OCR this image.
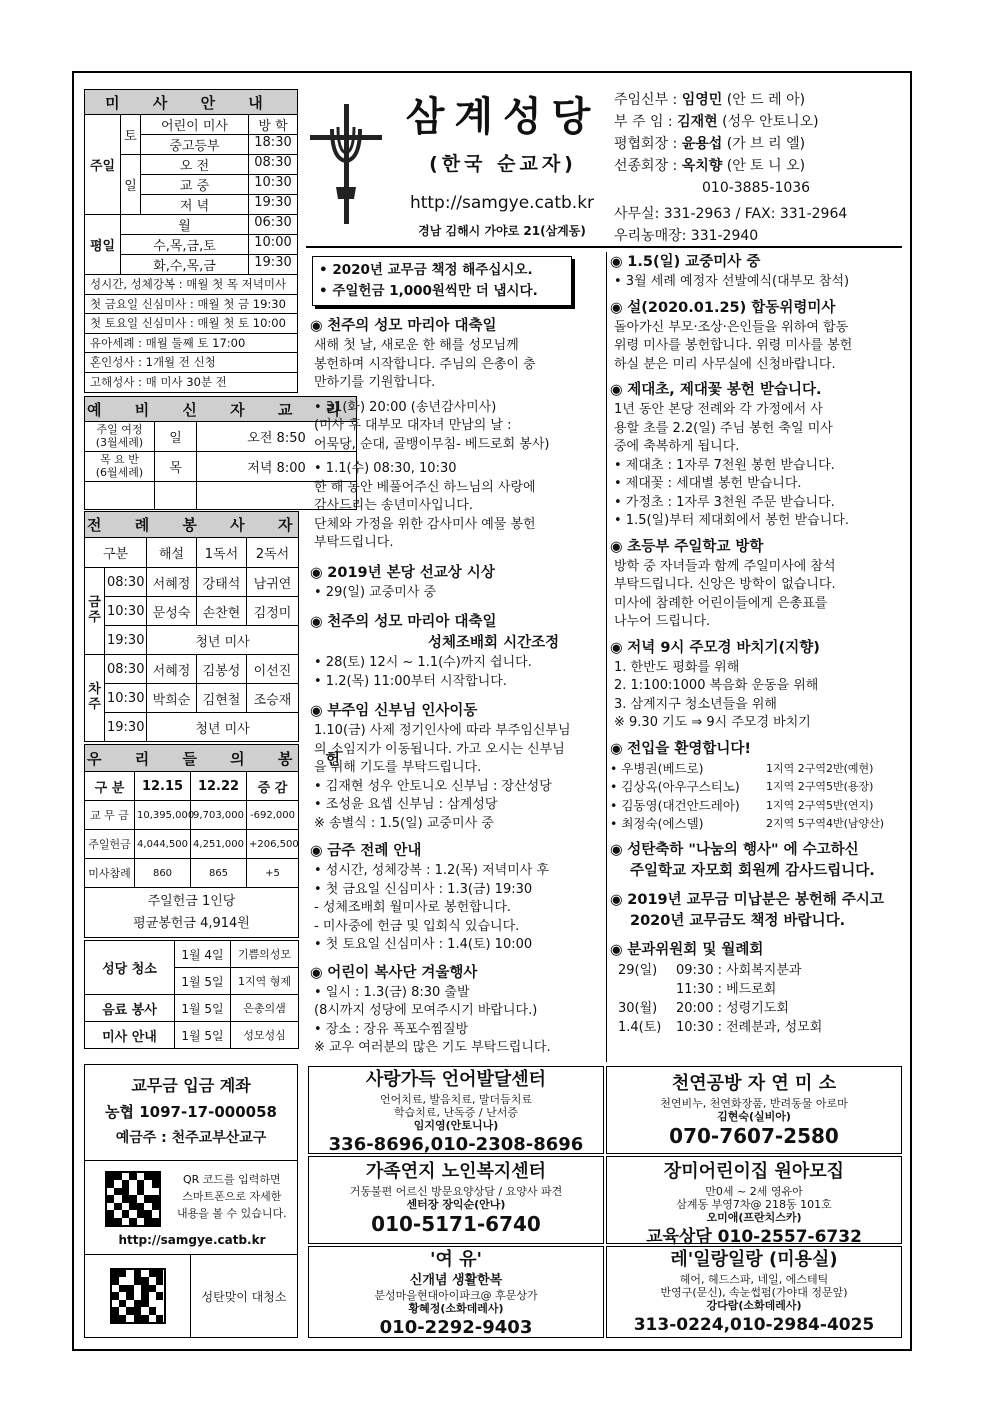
미 사 안 내		
주일	토	어린이 미사 방 학

		중고등부 18:30

	일	오 전 08:30

		교 중 10:30

		저 녁 19:30

평일	월 06:30	

	수,목,금,토 10:00	

	화,수,목,금 19:30	
성시간, 성체강복 : 매월 첫 목 저녁미사
첫 금요일 신심미사 : 매월 첫 금 19:30
첫 토요일 신심미사 : 매월 첫 토 10:00
유아세례 : 매월 둘째 토 17:00
혼인성사 : 1개월 전 신청
고해성사 : 매 미사 30분 전
예 비 신 자 교 리		

주일 여정
(3월세례)	일	오전 8:50

목 요 반
(6월세례)	목	저녁 8:00

전 례 봉 사 자				
구분		해설	1독서	2독서
금주	08:30	서혜정	강태석	남귀연
	10:30	문성숙	손찬현	김정미
	19:30	청년 미사		
차주	08:30	서혜정	김봉성	이선진
	10:30	박희순	김현철	조승재
	19:30	청년 미사		
우 리 들 의 봉 헌			
구 분	12.15	12.22	증 감
교 무 금	10,395,000	9,703,000	-692,000
주일헌금	4,044,500	4,251,000	+206,500
미사참례	860	865	+5

주일헌금 1인당
평균봉헌금 4,914원			
성당 청소	1월 4일	기쁨의성모
	1월 5일	1지역 형제
음료 봉사	1월 5일	은총의샘
미사 안내	1월 5일	성모성심
교무금 입금 계좌
농협 1097-17-000058
예금주 : 천주교부산교구
QR 코드를 입력하면
스마트폰으로 자세한
내용을 볼 수 있습니다.
http://samgye.catb.kr
성탄맞이 대청소
삼계성당
(한국 순교자)
http://samgye.catb.kr
경남 김해시 가야로 21(삼계동)
주임신부 : 임영민 (안 드 레 아)
부 주 임 : 김재현 (성우 안토니오)
평협회장 : 윤용섭 (가 브 리 엘)
선종회장 : 옥치향 (안 토 니 오)
010-3885-1036
사무실: 331-2963 / FAX: 331-2964
우리농매장: 331-2940
• 2020년 교무금 책정 해주십시오.
• 주일헌금 1,000원씩만 더 냅시다.
◉ 천주의 성모 마리아 대축일
새해 첫 날, 새로운 한 해를 성모님께
봉헌하며 시작합니다. 주님의 은총이 충
만하기를 기원합니다.
• 31(화) 20:00 (송년감사미사)
(미사 후 대부모 대자녀 만남의 날 :
어묵당, 순대, 골뱅이무침- 베드로회 봉사)
• 1.1(수) 08:30, 10:30
한 해 동안 베풀어주신 하느님의 사랑에
감사드리는 송년미사입니다.
단체와 가정을 위한 감사미사 예물 봉헌
부탁드립니다.
◉ 2019년 본당 선교상 시상
• 29(일) 교중미사 중
◉ 천주의 성모 마리아 대축일
성체조배회 시간조정
• 28(토) 12시 ~ 1.1(수)까지 쉽니다.
• 1.2(목) 11:00부터 시작합니다.
◉ 부주임 신부님 인사이동
1.10(금) 사제 정기인사에 따라 부주임신부님
의 소임지가 이동됩니다. 가고 오시는 신부님
을 위해 기도를 부탁드립니다.
• 김재현 성우 안토니오 신부님 : 장산성당
• 조성윤 요셉 신부님 : 삼계성당
※ 송별식 : 1.5(일) 교중미사 중
◉ 금주 전례 안내
• 성시간, 성체강복 : 1.2(목) 저녁미사 후
• 첫 금요일 신심미사 : 1.3(금) 19:30
- 성체조배회 월미사로 봉헌합니다.
- 미사중에 헌금 및 입회식 있습니다.
• 첫 토요일 신심미사 : 1.4(토) 10:00
◉ 어린이 복사단 겨울행사
• 일시 : 1.3(금) 8:30 출발
(8시까지 성당에 모여주시기 바랍니다.)
• 장소 : 장유 폭포수찜질방
※ 교우 여러분의 많은 기도 부탁드립니다.
◉ 1.5(일) 교중미사 중
• 3월 세례 예정자 선발예식(대부모 참석)
◉ 설(2020.01.25) 합동위령미사
돌아가신 부모·조상·은인들을 위하여 합동
위령 미사를 봉헌합니다. 위령 미사를 봉헌
하실 분은 미리 사무실에 신청바랍니다.
◉ 제대초, 제대꽃 봉헌 받습니다.
1년 동안 본당 전례와 각 가정에서 사
용할 초를 2.2(일) 주님 봉헌 축일 미사
중에 축복하게 됩니다.
• 제대초 : 1자루 7천원 봉헌 받습니다.
• 제대꽃 : 세대별 봉헌 받습니다.
• 가정초 : 1자루 3천원 주문 받습니다.
• 1.5(일)부터 제대회에서 봉헌 받습니다.
◉ 초등부 주일학교 방학
방학 중 자녀들과 함께 주일미사에 참석
부탁드립니다. 신앙은 방학이 없습니다.
미사에 참례한 어린이들에게 은총표를
나누어 드립니다.
◉ 저녁 9시 주모경 바치기(지향)
1. 한반도 평화를 위해
2. 1:100:1000 복음화 운동을 위해
3. 삼계지구 청소년들을 위해
※ 9.30 기도 ⇒ 9시 주모경 바치기
◉ 전입을 환영합니다!
• 우병권(베드로)	1지역 2구역2반(예현)
• 김상옥(아우구스티노)	1지역 2구역5반(용장)
• 김동영(대건안드레아)	1지역 2구역5반(연지)
• 최정숙(에스델)	2지역 5구역4반(남양산)
◉ 성탄축하 "나눔의 행사" 에 수고하신
주일학교 자모회 회원께 감사드립니다.
◉ 2019년 교무금 미납분은 봉헌해 주시고
2020년 교무금도 책정 바랍니다.
◉ 분과위원회 및 월례회
29(일)	09:30 : 사회복지분과
11:30 : 베드로회
30(월)	20:00 : 성령기도회
1.4(토)	10:30 : 전례분과, 성모회
사랑가득 언어발달센터
언어치료, 발음치료, 말더듬치료
학습치료, 난독증 / 난서증
임지영(안토니나)
336-8696,010-2308-8696
천연공방 자 연 미 소
천연비누, 천연화장품, 반려동물 아로마
김현숙(실비아)
070-7607-2580
가족연지 노인복지센터
거동불편 어르신 방문요양상담 / 요양사 파견
센터장 장익순(안나)
010-5171-6740
장미어린이집 원아모집
만0세 ~ 2세 영유아
삼계동 부영7차@ 218동 101호
오미애(프란치스카)
교육상담 010-2557-6732
'여 유'
신개념 생활한복
분성마을현대아이파크@ 후문상가
황혜정(소화데레사)
010-2292-9403
레'일랑일랑 (미용실)
헤어, 헤드스파, 네일, 에스테틱
반영구(문신), 속눈썹펌(가야대 정문앞)
강다람(소화데레사)
313-0224,010-2984-4025
